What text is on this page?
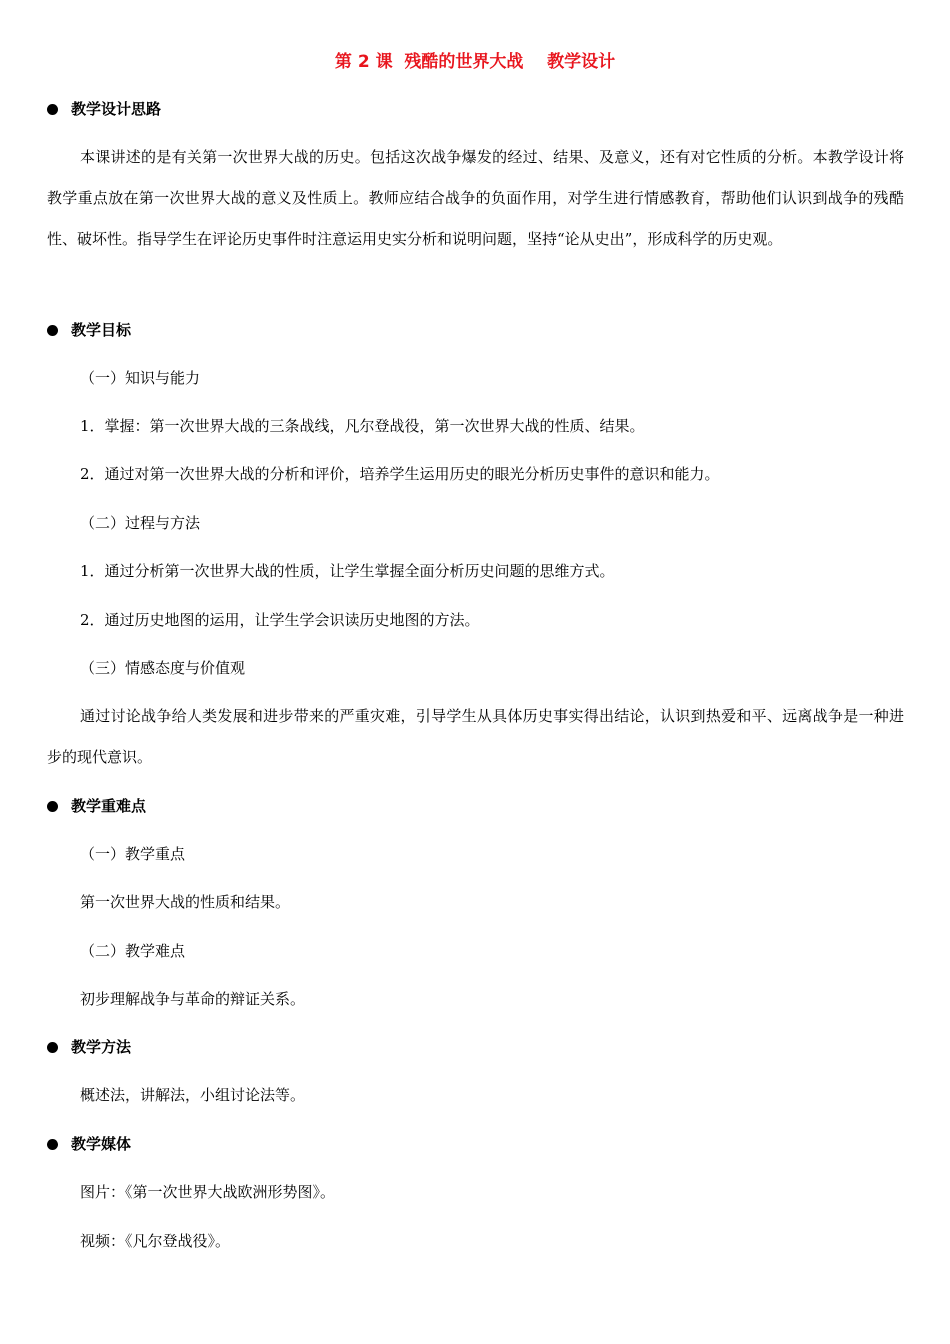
第 2 课  残酷的世界大战    教学设计
教学设计思路
本课讲述的是有关第一次世界大战的历史。包括这次战争爆发的经过、结果、及意义，还有对它性质的分析。本教学设计将教学重点放在第一次世界大战的意义及性质上。教师应结合战争的负面作用，对学生进行情感教育，帮助他们认识到战争的残酷性、破坏性。指导学生在评论历史事件时注意运用史实分析和说明问题，坚持“论从史出”，形成科学的历史观。
教学目标
（一）知识与能力
1．掌握：第一次世界大战的三条战线，凡尔登战役，第一次世界大战的性质、结果。
2．通过对第一次世界大战的分析和评价，培养学生运用历史的眼光分析历史事件的意识和能力。
（二）过程与方法
1．通过分析第一次世界大战的性质，让学生掌握全面分析历史问题的思维方式。
2．通过历史地图的运用，让学生学会识读历史地图的方法。
（三）情感态度与价值观
通过讨论战争给人类发展和进步带来的严重灾难，引导学生从具体历史事实得出结论，认识到热爱和平、远离战争是一种进步的现代意识。
教学重难点
（一）教学重点
第一次世界大战的性质和结果。
（二）教学难点
初步理解战争与革命的辩证关系。
教学方法
概述法，讲解法，小组讨论法等。
教学媒体
图片：《第一次世界大战欧洲形势图》。
视频：《凡尔登战役》。
